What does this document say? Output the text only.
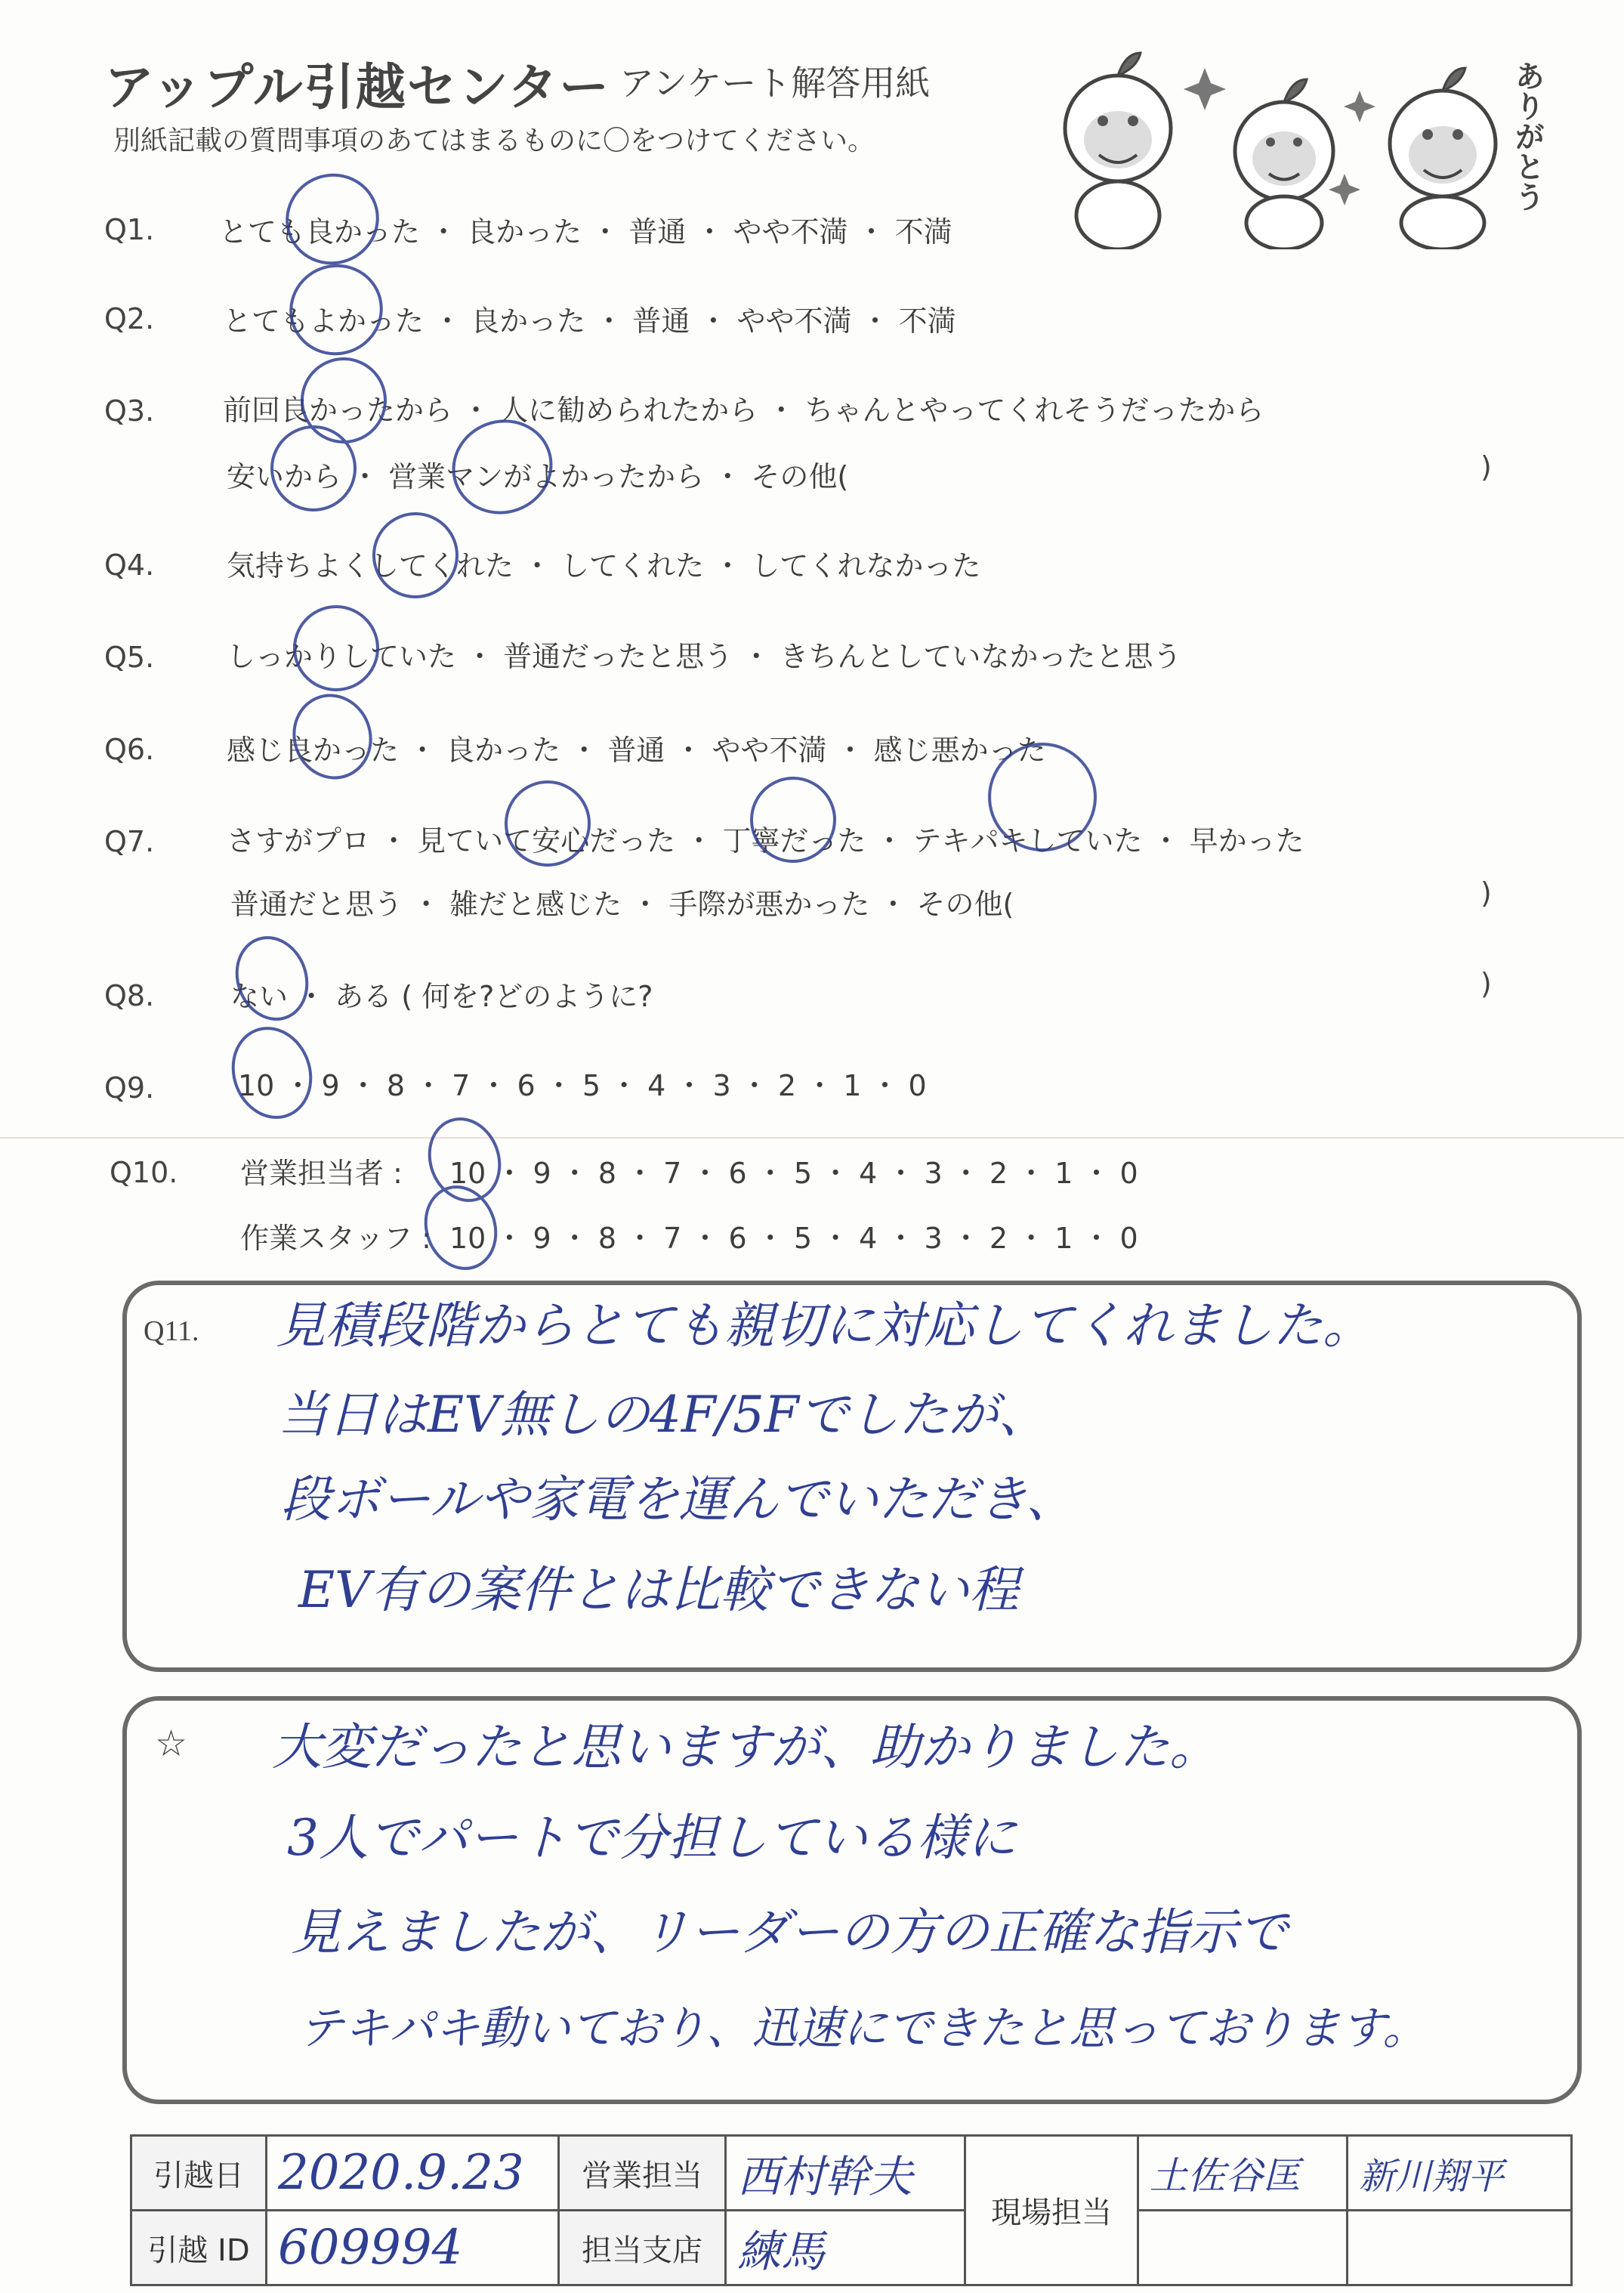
アップル引越センター アンケート解答用紙
別紙記載の質問事項のあてはまるものに〇をつけてください。	ありがとう
Q1. とても良かった ・ 良かった ・ 普通 ・ やや不満 ・ 不満
Q2. とてもよかった ・ 良かった ・ 普通 ・ やや不満 ・ 不満
Q3. 前回良かったから ・ 人に勧められたから ・ ちゃんとやってくれそうだったから
安いから ・ 営業マンがよかったから ・ その他(	)
Q4.	気持ちよくしてくれた ・ してくれた ・ してくれなかった
Q5.	しっかりしていた ・ 普通だったと思う ・ きちんとしていなかったと思う
Q6.	感じ良かった ・ 良かった ・ 普通 ・ やや不満 ・ 感じ悪かった
Q7.	さすがプロ ・ 見ていて安心だった ・ 丁寧だった ・ テキパキしていた ・ 早かった
普通だと思う ・ 雑だと感じた ・ 手際が悪かった ・ その他(	)
Q8.	ない ・ ある ( 何を?どのように?	)
Q9.	10 ・ 9 ・ 8 ・ 7 ・ 6 ・ 5 ・ 4 ・ 3 ・ 2 ・ 1 ・ 0
Q10. 営業担当者 : 10 ・ 9 ・ 8 ・ 7 ・ 6 ・ 5 ・ 4 ・ 3 ・ 2 ・ 1 ・ 0
作業スタッフ : 10 ・ 9 ・ 8 ・ 7 ・ 6 ・ 5 ・ 4 ・ 3 ・ 2 ・ 1 ・ 0
Q11. 見積段階からとても親切に対応してくれました。
当日はEV無しの4F/5Fでしたが、
段ボールや家電を運んでいただき、
EV有の案件とは比較できない程
☆ 大変だったと思いますが、助かりました。
3人でパートで分担している様に
見えましたが、リーダーの方の正確な指示で
テキパキ動いており、迅速にできたと思っております。
引越日	2020.9.23	営業担当	西村幹夫	現場担当	土佐谷匡	新川翔平
引越 ID	609994	担当支店	練馬			
